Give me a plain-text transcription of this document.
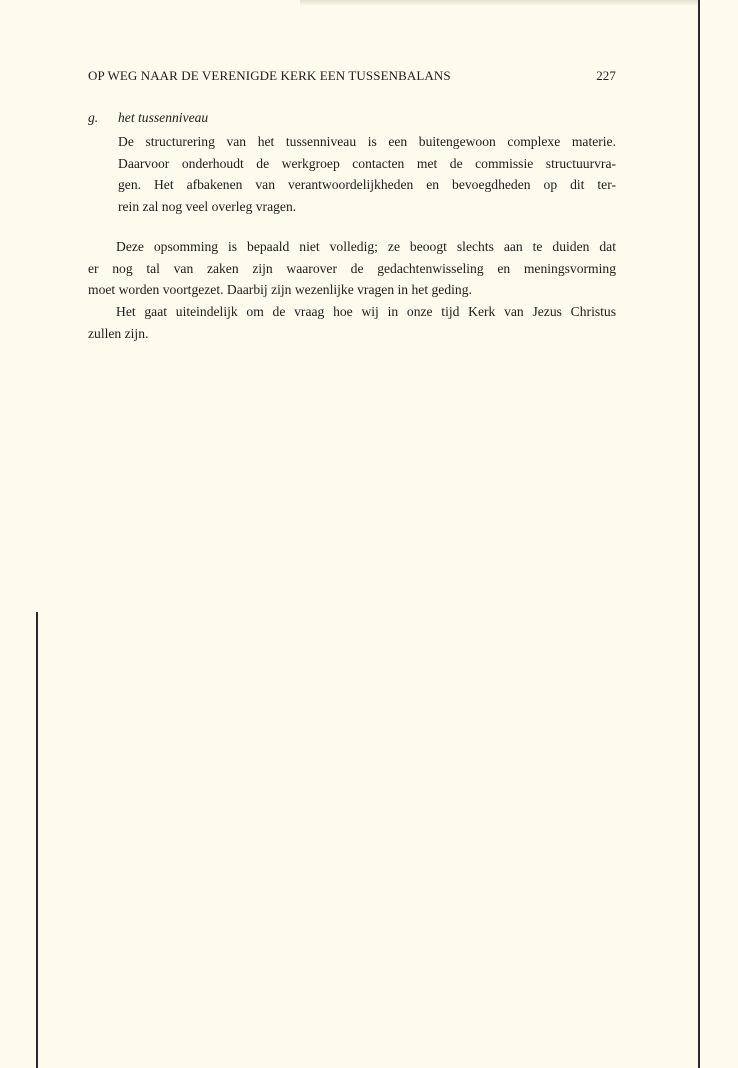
OP WEG NAAR DE VERENIGDE KERK EEN TUSSENBALANS	227
g. het tussenniveau
De structurering van het tussenniveau is een buitengewoon complexe materie.
Daarvoor onderhoudt de werkgroep contacten met de commissie structuurvra-
gen. Het afbakenen van verantwoordelijkheden en bevoegdheden op dit ter-
rein zal nog veel overleg vragen.
Deze opsomming is bepaald niet volledig; ze beoogt slechts aan te duiden dat
er nog tal van zaken zijn waarover de gedachtenwisseling en meningsvorming
moet worden voortgezet. Daarbij zijn wezenlijke vragen in het geding.
Het gaat uiteindelijk om de vraag hoe wij in onze tijd Kerk van Jezus Christus
zullen zijn.
